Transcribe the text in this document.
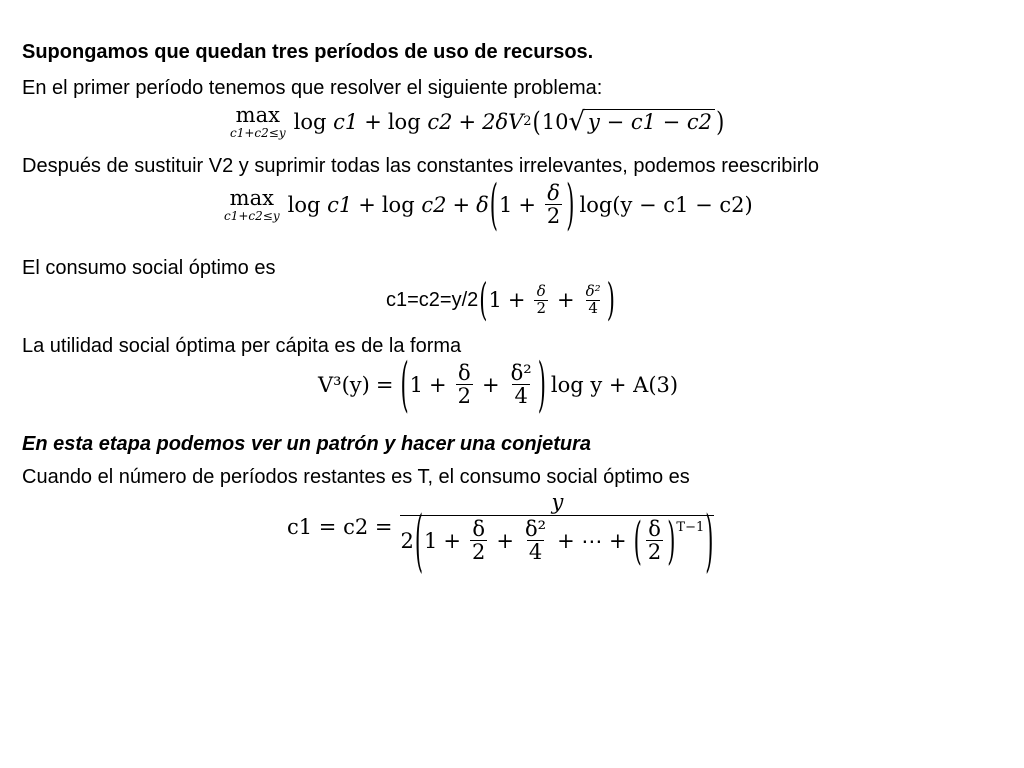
Supongamos que quedan tres períodos de uso de recursos.
En el primer período tenemos que resolver el siguiente problema:
max
c1+c2≤y log
c1 + log
c2 + 2δV 2 ( 10 √ y − c1 − c2 )
Después de sustituir V2 y suprimir todas las constantes irrelevantes, podemos reescribirlo
max
c1+c2≤y log
c1 + log
c2 + δ ( $1 + \frac{\delta}{2}$ ) log(y − c1 − c2)
El consumo social óptimo es
c1=c2=y/2 ( $1 + \frac{\delta}{2} + \frac{\text{δ²}}{4}$ )
La utilidad social óptima per cápita es de la forma
V³(y) = ( $1 + \frac{\delta}{2} + \frac{\text{δ²}}{4}$ ) log y + A(3)
En esta etapa podemos ver un patrón y hacer una conjetura
Cuando el número de períodos restantes es T, el consumo social óptimo es
c1 = c2 =
y
2 ( $1 + \frac{\delta}{2} + \frac{\text{δ²}}{4}$ + ⋯ + ( $\frac{\delta}{2} )^{T-1}$ )
